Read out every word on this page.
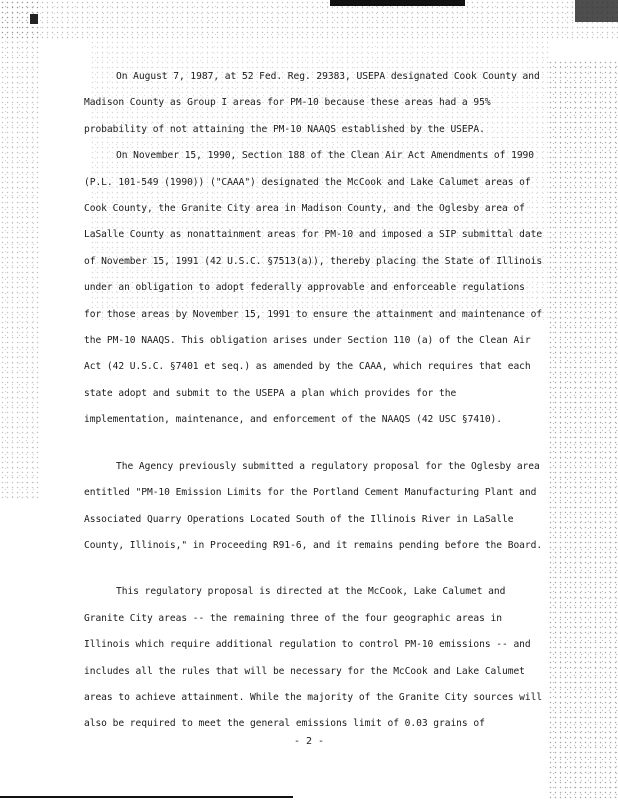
On August 7, 1987, at 52 Fed. Reg. 29383, USEPA designated Cook County and Madison County as Group I areas for PM-10 because these areas had a 95% probability of not attaining the PM-10 NAAQS established by the USEPA.

On November 15, 1990, Section 188 of the Clean Air Act Amendments of 1990 (P.L. 101-549 (1990)) ("CAAA") designated the McCook and Lake Calumet areas of Cook County, the Granite City area in Madison County, and the Oglesby area of LaSalle County as nonattainment areas for PM-10 and imposed a SIP submittal date of November 15, 1991 (42 U.S.C. §7513(a)), thereby placing the State of Illinois under an obligation to adopt federally approvable and enforceable regulations for those areas by November 15, 1991 to ensure the attainment and maintenance of the PM-10 NAAQS. This obligation arises under Section 110 (a) of the Clean Air Act (42 U.S.C. §7401 et seq.) as amended by the CAAA, which requires that each state adopt and submit to the USEPA a plan which provides for the implementation, maintenance, and enforcement of the NAAQS (42 USC §7410).

The Agency previously submitted a regulatory proposal for the Oglesby area entitled "PM-10 Emission Limits for the Portland Cement Manufacturing Plant and Associated Quarry Operations Located South of the Illinois River in LaSalle County, Illinois," in Proceeding R91-6, and it remains pending before the Board.

This regulatory proposal is directed at the McCook, Lake Calumet and Granite City areas -- the remaining three of the four geographic areas in Illinois which require additional regulation to control PM-10 emissions -- and includes all the rules that will be necessary for the McCook and Lake Calumet areas to achieve attainment. While the majority of the Granite City sources will also be required to meet the general emissions limit of 0.03 grains of

- 2 -
